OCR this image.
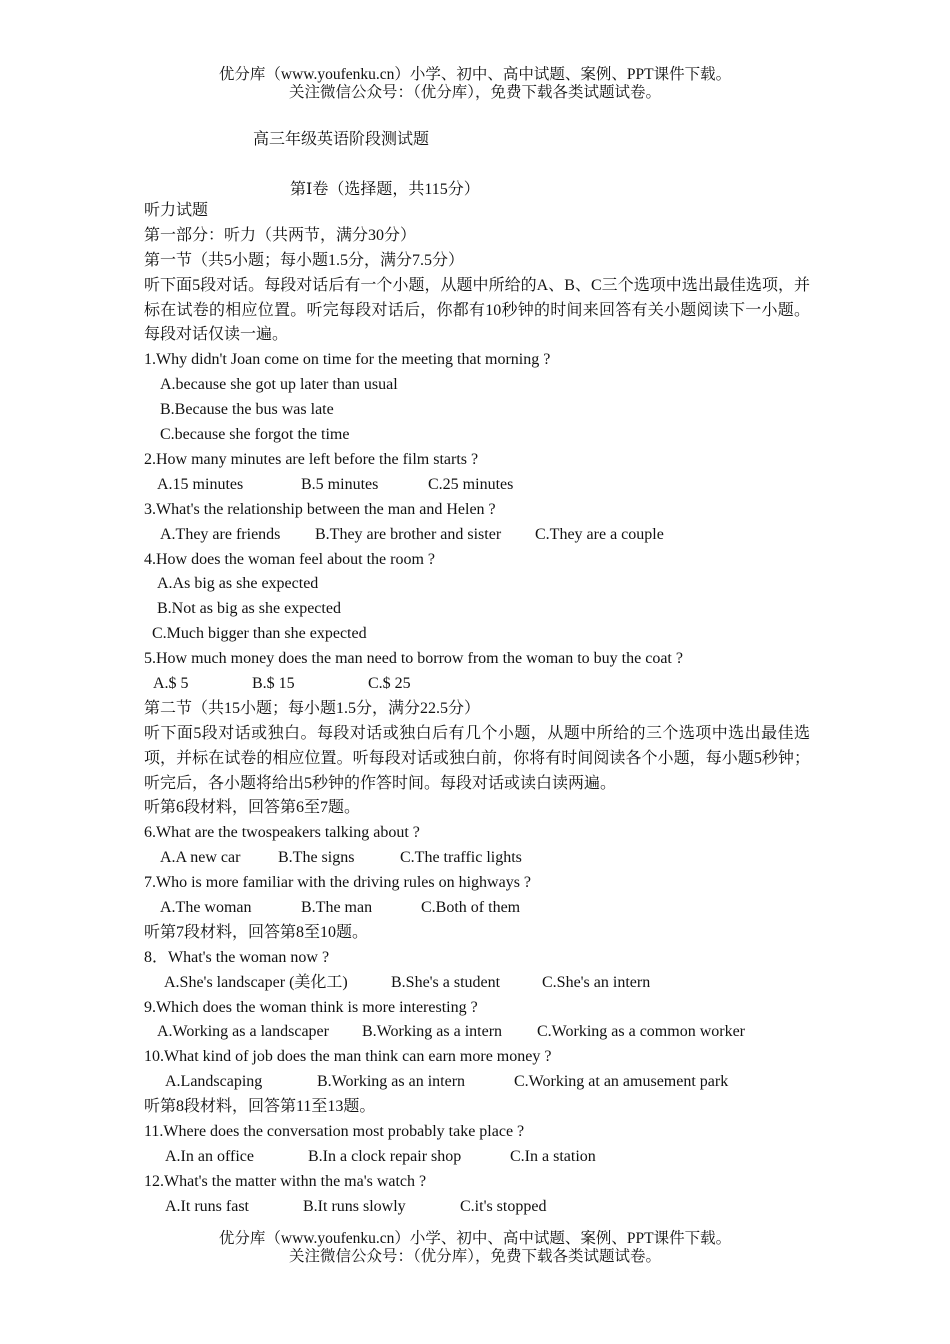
优分库（www.youfenku.cn）小学、初中、高中试题、案例、PPT课件下载。
关注微信公众号：（优分库），免费下载各类试题试卷。
高三年级英语阶段测试题
第Ⅰ卷（选择题，共115分）
听力试题
第一部分：听力（共两节，满分30分）
第一节（共5小题；每小题1.5分，满分7.5分）
听下面5段对话。每段对话后有一个小题，从题中所给的A、B、C三个选项中选出最佳选项，并标在试卷的相应位置。听完每段对话后，你都有10秒钟的时间来回答有关小题阅读下一小题。每段对话仅读一遍。
1.Why didn't Joan come on time for the meeting that morning ?
A.because she got up later than usual
B.Because the bus was late
C.because she forgot the time
2.How many minutes are left before the film starts ?
A.15 minutes	B.5 minutes	C.25 minutes
3.What's the relationship between the man and Helen ?
A.They are friends	B.They are brother and sister	C.They are a couple
4.How does the woman feel about the room ?
A.As big as she expected
B.Not as big as she expected
C.Much bigger than she expected
5.How much money does the man need to borrow from the woman to buy the coat ?
A.$ 5	B.$ 15	C.$ 25
第二节（共15小题；每小题1.5分，满分22.5分）
听下面5段对话或独白。每段对话或独白后有几个小题，从题中所给的三个选项中选出最佳选项，并标在试卷的相应位置。听每段对话或独白前，你将有时间阅读各个小题，每小题5秒钟；听完后，各小题将给出5秒钟的作答时间。每段对话或读白读两遍。
听第6段材料，回答第6至7题。
6.What are the twospeakers talking about ?
A.A new car	B.The signs	C.The traffic lights
7.Who is more familiar with the driving rules on highways ?
A.The woman	B.The man	C.Both of them
听第7段材料，回答第8至10题。
8．What's the woman now ?
A.She's landscaper (美化工)	B.She's a student	C.She's an intern
9.Which does the woman think is more interesting ?
A.Working as a landscaper	B.Working as a intern	C.Working as a common worker
10.What kind of job does the man think can earn more money ?
A.Landscaping	B.Working as an intern	C.Working at an amusement park
听第8段材料，回答第11至13题。
11.Where does the conversation most probably take place ?
A.In an office	B.In a clock repair shop	C.In a station
12.What's the matter withn the ma's watch ?
A.It runs fast	B.It runs slowly	C.it's stopped
优分库（www.youfenku.cn）小学、初中、高中试题、案例、PPT课件下载。
关注微信公众号：（优分库），免费下载各类试题试卷。
